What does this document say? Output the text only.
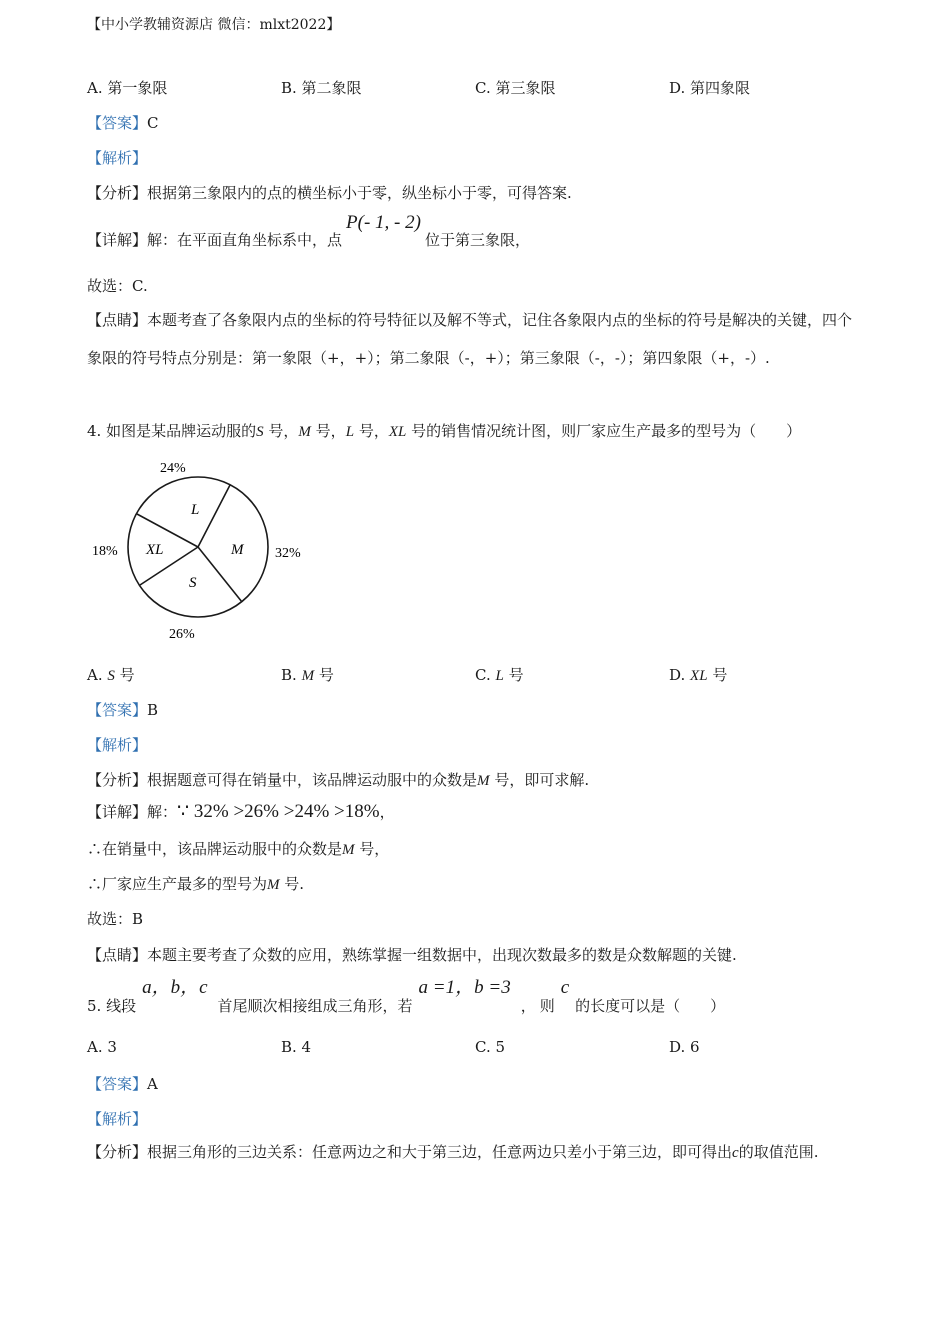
【中小学教辅资源店 微信：mlxt2022】
A. 第一象限	B. 第二象限	C. 第三象限	D. 第四象限
【答案】C
【解析】
【分析】根据第三象限内的点的横坐标小于零，纵坐标小于零，可得答案.
【详解】解：在平面直角坐标系中，点P(- 1, - 2)位于第三象限，
故选：C.
【点睛】本题考查了各象限内点的坐标的符号特征以及解不等式，记住各象限内点的坐标的符号是解决的关键，四个象限的符号特点分别是：第一象限（+，+）；第二象限（-，+）；第三象限（-，-）；第四象限（+，-）.
4. 如图是某品牌运动服的S 号，M 号，L 号，XL 号的销售情况统计图，则厂家应生产最多的型号为（　　）
L
M
S
XL
24%
32%
26%
18%
A. S 号	B. M 号	C. L 号	D. XL 号
【答案】B
【解析】
【分析】根据题意可得在销量中，该品牌运动服中的众数是M 号，即可求解.
【详解】解：∵ 32% >26% >24% >18%，
∴在销量中，该品牌运动服中的众数是M 号，
∴厂家应生产最多的型号为M 号.
故选：B
【点睛】本题主要考查了众数的应用，熟练掌握一组数据中，出现次数最多的数是众数解题的关键.
5. 线段a，b，c首尾顺次相接组成三角形，若a =1，b =3， 则c的长度可以是（　　）
A. 3	B. 4	C. 5	D. 6
【答案】A
【解析】
【分析】根据三角形的三边关系：任意两边之和大于第三边，任意两边只差小于第三边，即可得出c的取值范围.
